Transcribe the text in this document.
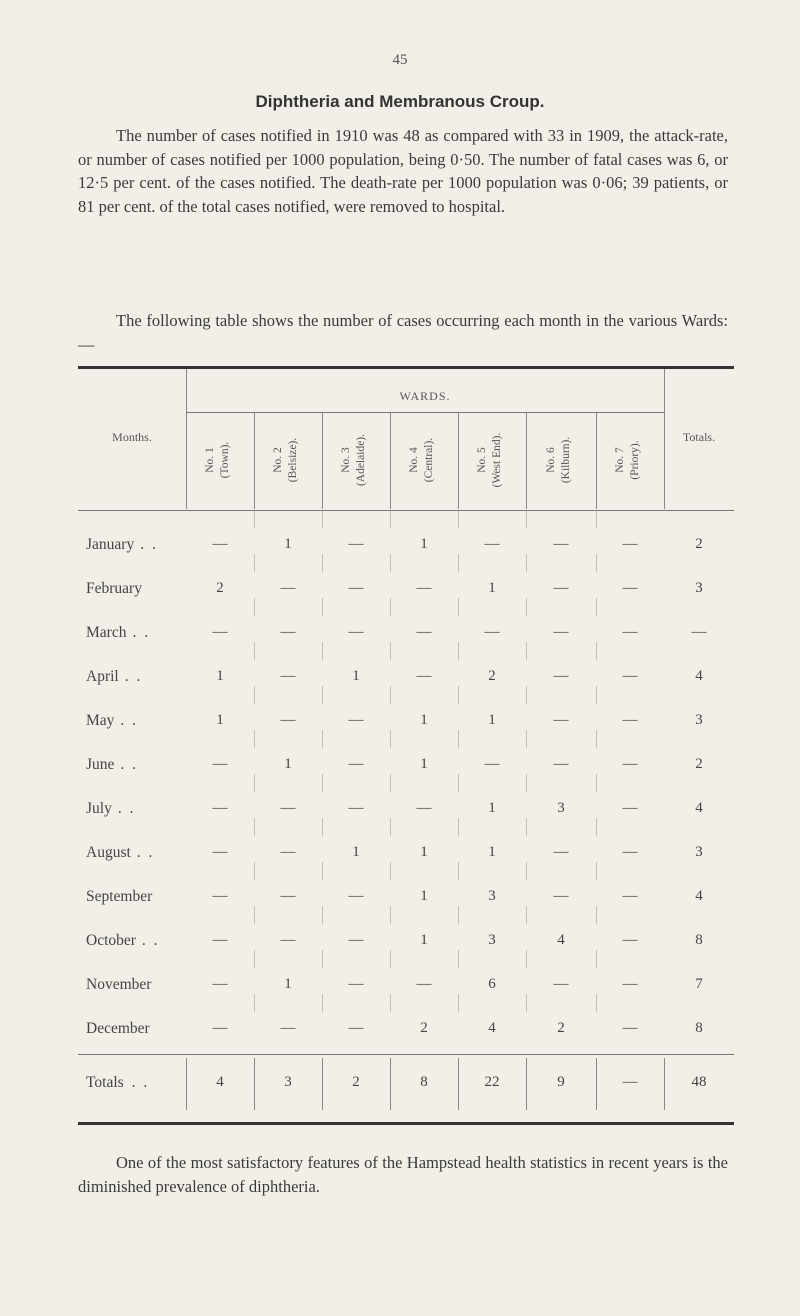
45
Diphtheria and Membranous Croup.

The number of cases notified in 1910 was 48 as compared with 33 in 1909, the attack-rate, or number of cases notified per 1000 population, being 0·50. The number of fatal cases was 6, or 12·5 per cent. of the cases notified. The death-rate per 1000 population was 0·06; 39 patients, or 81 per cent. of the total cases notified, were removed to hospital.

The following table shows the number of cases occurring each month in the various Wards: —

Months.
WARDS.
Totals.
No. 1 (Town).	No. 2 (Belsize).	No. 3 (Adelaide).	No. 4 (Central).	No. 5 (West End).	No. 6 (Kilburn).	No. 7 (Priory).
January . .	—	1	—	1	—	—	—	2
February	2	—	—	—	1	—	—	3
March . .	—	—	—	—	—	—	—	—
April . .	1	—	1	—	2	—	—	4
May . .	1	—	—	1	1	—	—	3
June . .	—	1	—	1	—	—	—	2
July . .	—	—	—	—	1	3	—	4
August . .	—	—	1	1	1	—	—	3
September	—	—	—	1	3	—	—	4
October . .	—	—	—	1	3	4	—	8
November	—	1	—	—	6	—	—	7
December	—	—	—	2	4	2	—	8
Totals . .	4	3	2	8	22	9	—	48

One of the most satisfactory features of the Hampstead health statistics in recent years is the diminished prevalence of diphtheria.
